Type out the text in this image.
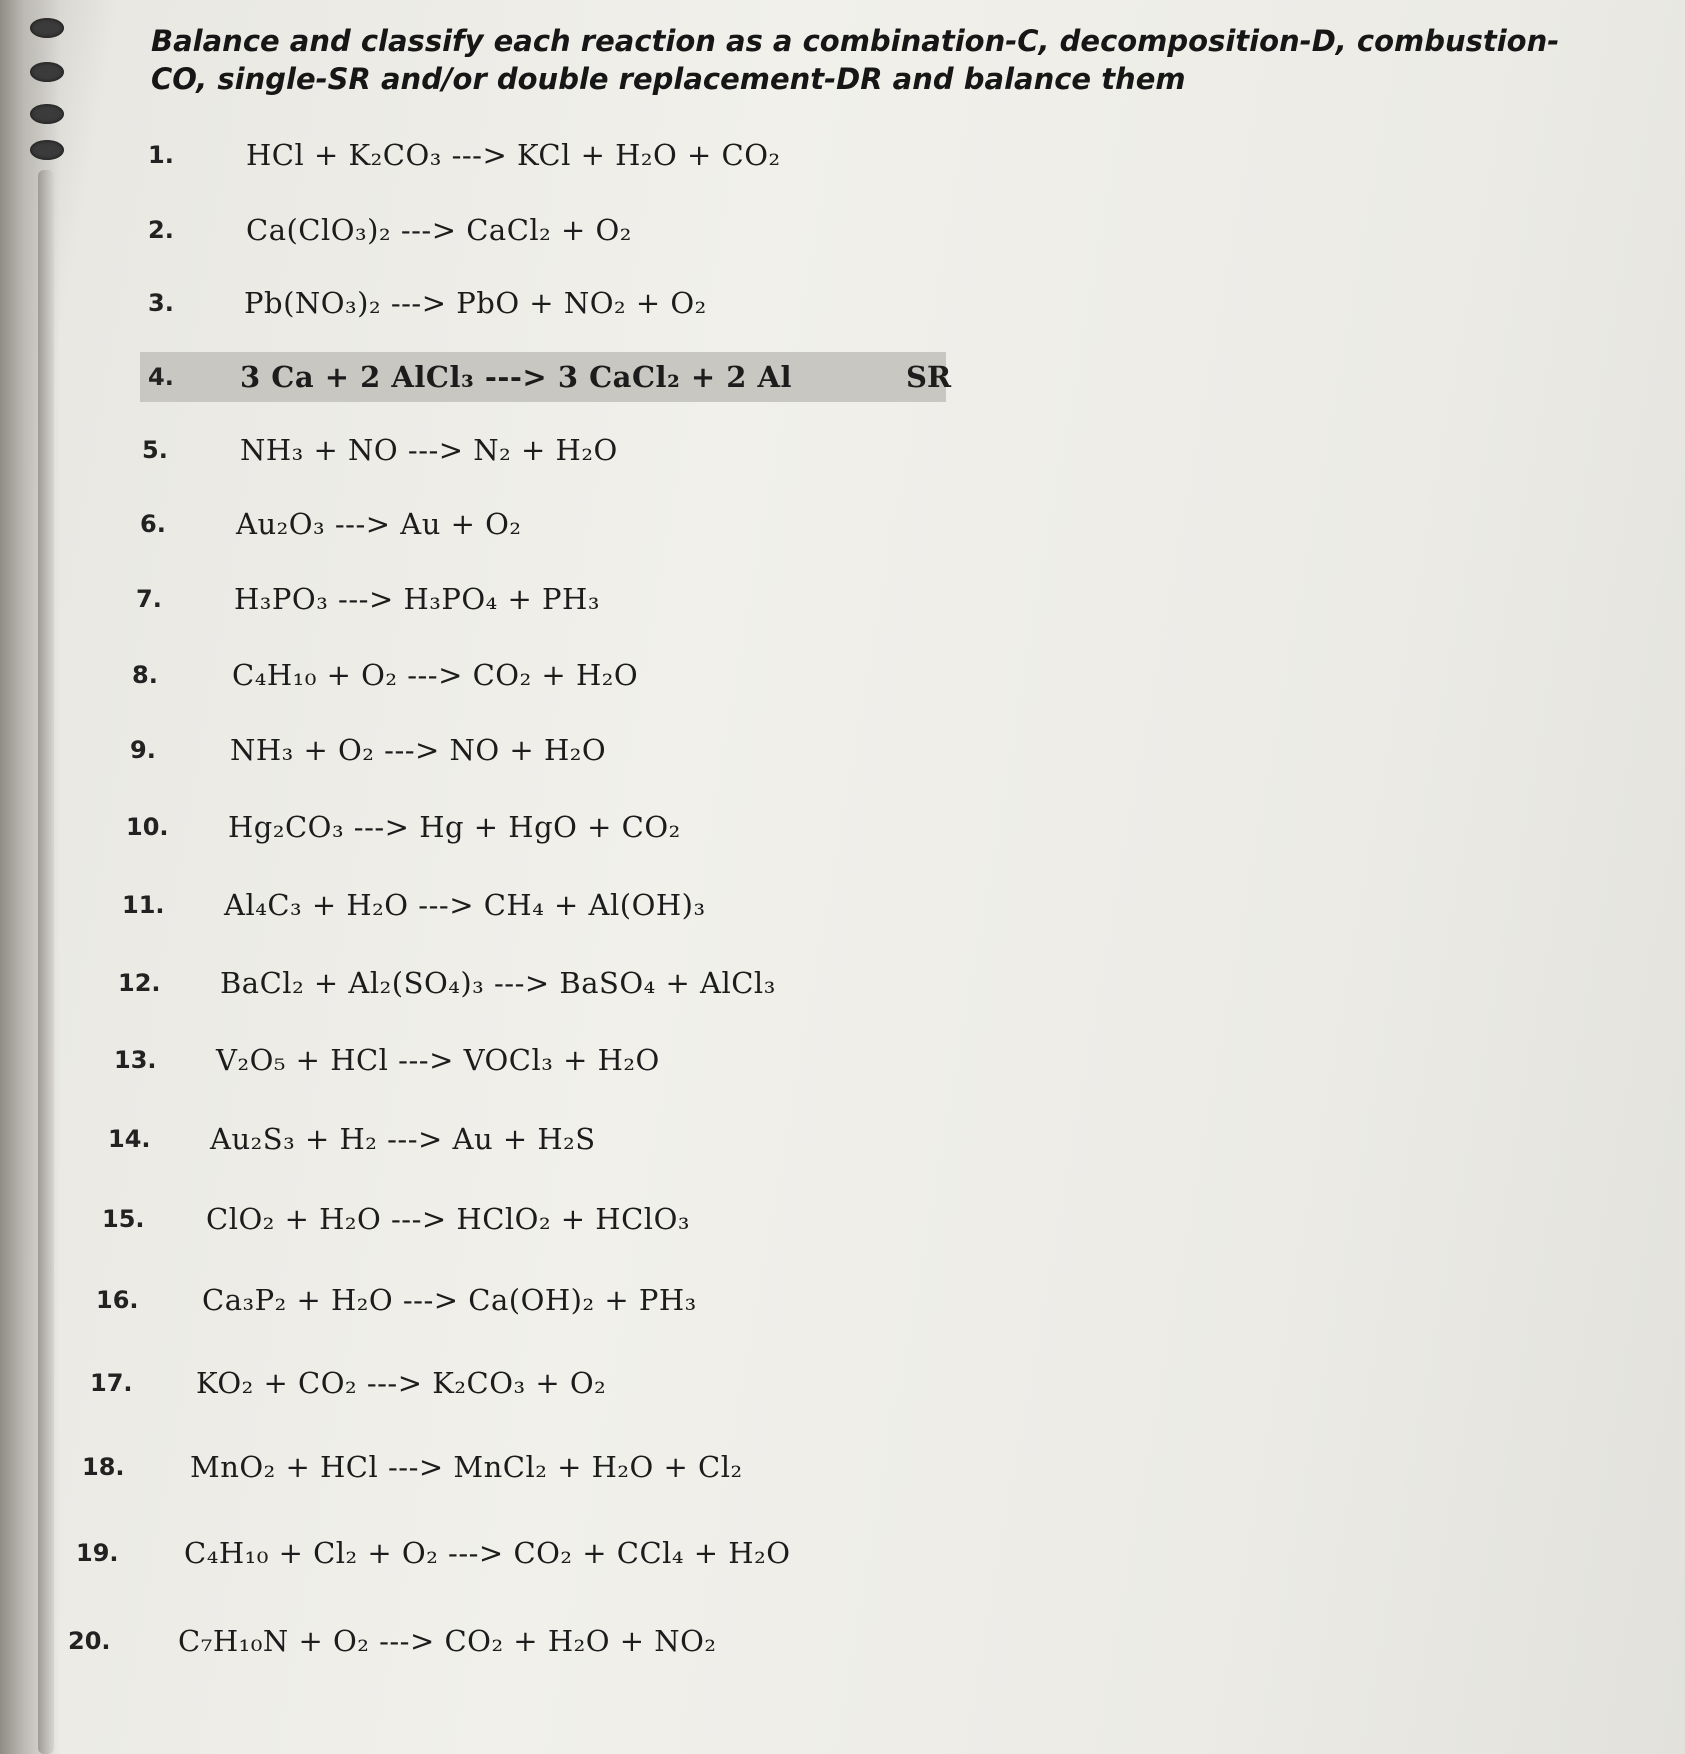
Balance and classify each reaction as a combination-C, decomposition-D, combustion-CO, single-SR and/or double replacement-DR and balance them
1. HCl + K₂CO₃ ---> KCl + H₂O + CO₂
2. Ca(ClO₃)₂ ---> CaCl₂ + O₂
3. Pb(NO₃)₂ ---> PbO + NO₂ + O₂
4. 3 Ca + 2 AlCl₃ ---> 3 CaCl₂ + 2 Al	SR
5. NH₃ + NO ---> N₂ + H₂O
6. Au₂O₃ ---> Au + O₂
7. H₃PO₃ ---> H₃PO₄ + PH₃
8.	C₄H₁₀ + O₂ ---> CO₂ + H₂O
9.	NH₃ + O₂ ---> NO + H₂O
10. Hg₂CO₃ ---> Hg + HgO + CO₂
11. Al₄C₃ + H₂O ---> CH₄ + Al(OH)₃
12. BaCl₂ + Al₂(SO₄)₃ ---> BaSO₄ + AlCl₃
13. V₂O₅ + HCl ---> VOCl₃ + H₂O
14. Au₂S₃ + H₂ ---> Au + H₂S
15. ClO₂ + H₂O ---> HClO₂ + HClO₃
16. Ca₃P₂ + H₂O ---> Ca(OH)₂ + PH₃
17. KO₂ + CO₂ ---> K₂CO₃ + O₂
18. MnO₂ + HCl ---> MnCl₂ + H₂O + Cl₂
19. C₄H₁₀ + Cl₂ + O₂ ---> CO₂ + CCl₄ + H₂O
20. C₇H₁₀N + O₂ ---> CO₂ + H₂O + NO₂
